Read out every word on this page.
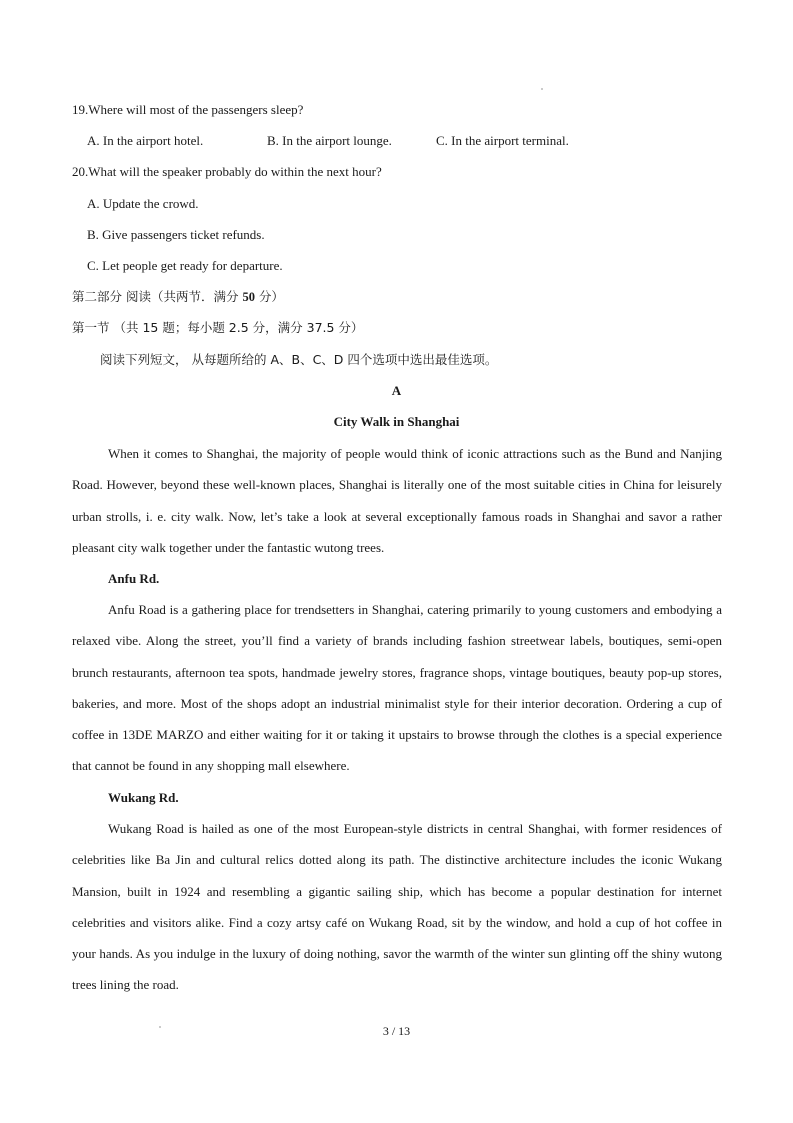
19.Where will most of the passengers sleep?
A. In the airport hotel.	B. In the airport lounge.	C. In the airport terminal.
20.What will the speaker probably do within the next hour?
A. Update the crowd.
B. Give passengers ticket refunds.
C. Let people get ready for departure.
第二部分 阅读（共两节．满分 50 分）
第一节 （共 15 题；每小题 2.5 分，满分 37.5 分）
阅读下列短文， 从每题所给的 A、B、C、D 四个选项中选出最佳选项。
A
City Walk in Shanghai

When it comes to Shanghai, the majority of people would think of iconic attractions such as the Bund and Nanjing Road. However, beyond these well-known places, Shanghai is literally one of the most suitable cities in China for leisurely urban strolls, i. e. city walk. Now, let’s take a look at several exceptionally famous roads in Shanghai and savor a rather pleasant city walk together under the fantastic wutong trees.

Anfu Rd.

Anfu Road is a gathering place for trendsetters in Shanghai, catering primarily to young customers and embodying a relaxed vibe. Along the street, you’ll find a variety of brands including fashion streetwear labels, boutiques, semi-open brunch restaurants, afternoon tea spots, handmade jewelry stores, fragrance shops, vintage boutiques, beauty pop-up stores, bakeries, and more. Most of the shops adopt an industrial minimalist style for their interior decoration. Ordering a cup of coffee in 13DE MARZO and either waiting for it or taking it upstairs to browse through the clothes is a special experience that cannot be found in any shopping mall elsewhere.

Wukang Rd.

Wukang Road is hailed as one of the most European-style districts in central Shanghai, with former residences of celebrities like Ba Jin and cultural relics dotted along its path. The distinctive architecture includes the iconic Wukang Mansion, built in 1924 and resembling a gigantic sailing ship, which has become a popular destination for internet celebrities and visitors alike. Find a cozy artsy café on Wukang Road, sit by the window, and hold a cup of hot coffee in your hands. As you indulge in the luxury of doing nothing, savor the warmth of the winter sun glinting off the shiny wutong trees lining the road.

3 / 13
